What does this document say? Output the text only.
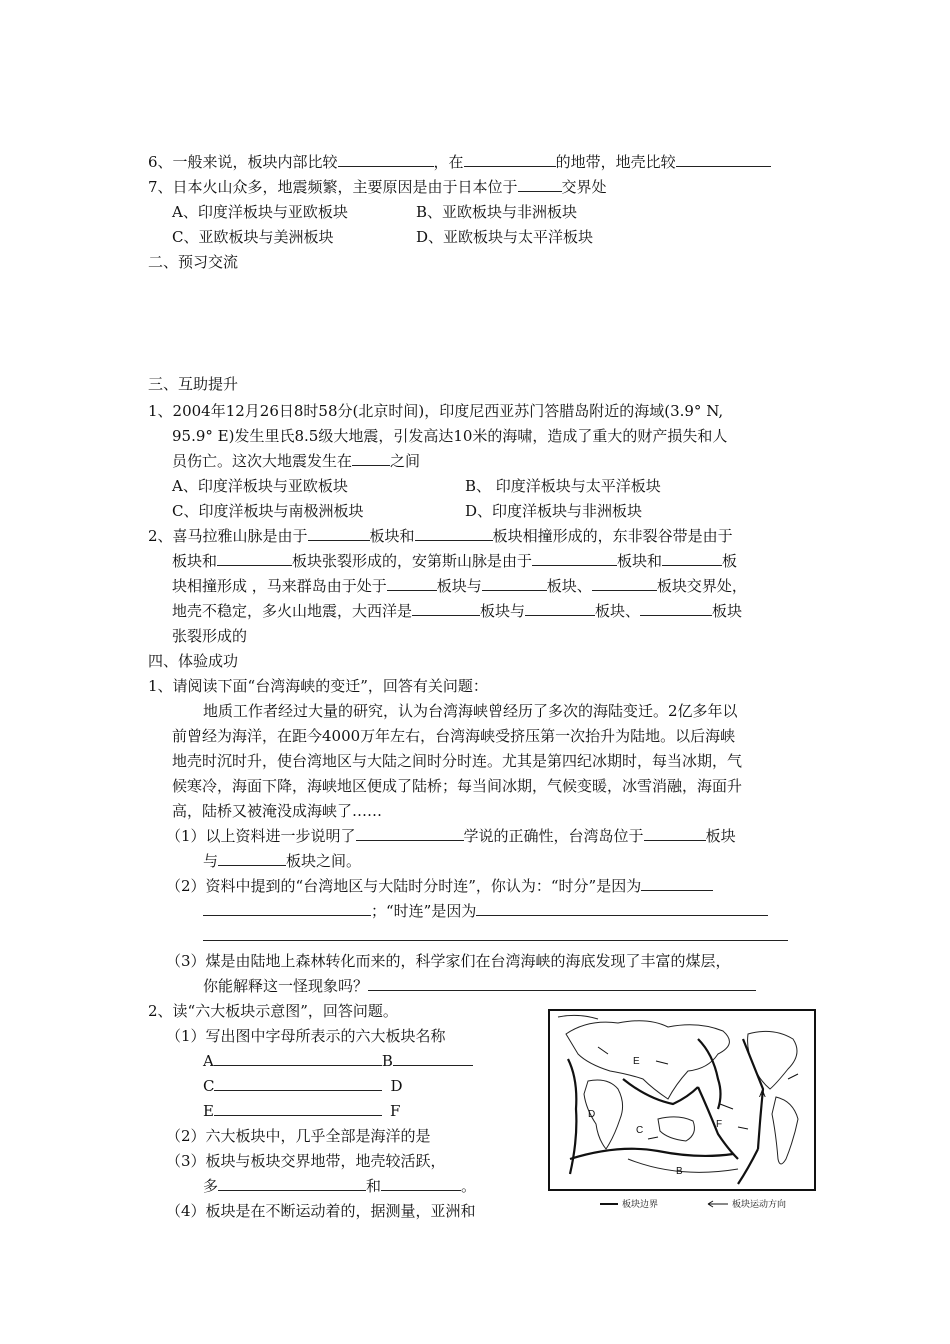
6、一般来说，板块内部比较	，在	的地带，地壳比较
7、日本火山众多，地震频繁，主要原因是由于日本位于	交界处
A、印度洋板块与亚欧板块	B、亚欧板块与非洲板块
C、亚欧板块与美洲板块	D、亚欧板块与太平洋板块
二、预习交流
三、互助提升
1、2004年12月26日8时58分(北京时间)，印度尼西亚苏门答腊岛附近的海域(3.9° N,
95.9° E)发生里氏8.5级大地震，引发高达10米的海啸，造成了重大的财产损失和人
员伤亡。这次大地震发生在	之间
A、印度洋板块与亚欧板块	B、 印度洋板块与太平洋板块
C、印度洋板块与南极洲板块	D、印度洋板块与非洲板块
2、喜马拉雅山脉是由于	板块和	板块相撞形成的，东非裂谷带是由于
板块和	板块张裂形成的，安第斯山脉是由于	板块和	板
块相撞形成 ，马来群岛由于处于	板块与	板块、	板块交界处，
地壳不稳定，多火山地震，大西洋是	板块与	板块、	板块
张裂形成的
四、体验成功
1、请阅读下面“台湾海峡的变迁”，回答有关问题：
地质工作者经过大量的研究，认为台湾海峡曾经历了多次的海陆变迁。2亿多年以
前曾经为海洋，在距今4000万年左右，台湾海峡受挤压第一次抬升为陆地。以后海峡
地壳时沉时升，使台湾地区与大陆之间时分时连。尤其是第四纪冰期时，每当冰期，气
候寒冷，海面下降，海峡地区便成了陆桥；每当间冰期，气候变暖，冰雪消融，海面升
高，陆桥又被淹没成海峡了……
（1）以上资料进一步说明了	学说的正确性，台湾岛位于	板块
与	板块之间。
（2）资料中提到的“台湾地区与大陆时分时连”，你认为：“时分”是因为
；“时连”是因为
（3）煤是由陆地上森林转化而来的，科学家们在台湾海峡的海底发现了丰富的煤层，
你能解释这一怪现象吗？
2、读“六大板块示意图”，回答问题。
（1）写出图中字母所表示的六大板块名称
A	B
C	D
E	F
（2）六大板块中，几乎全部是海洋的是
（3）板块与板块交界地带，地壳较活跃，
多	和	。
（4）板块是在不断运动着的，据测量，亚洲和
A
B
C
D
E
F
板块边界	板块运动方向
